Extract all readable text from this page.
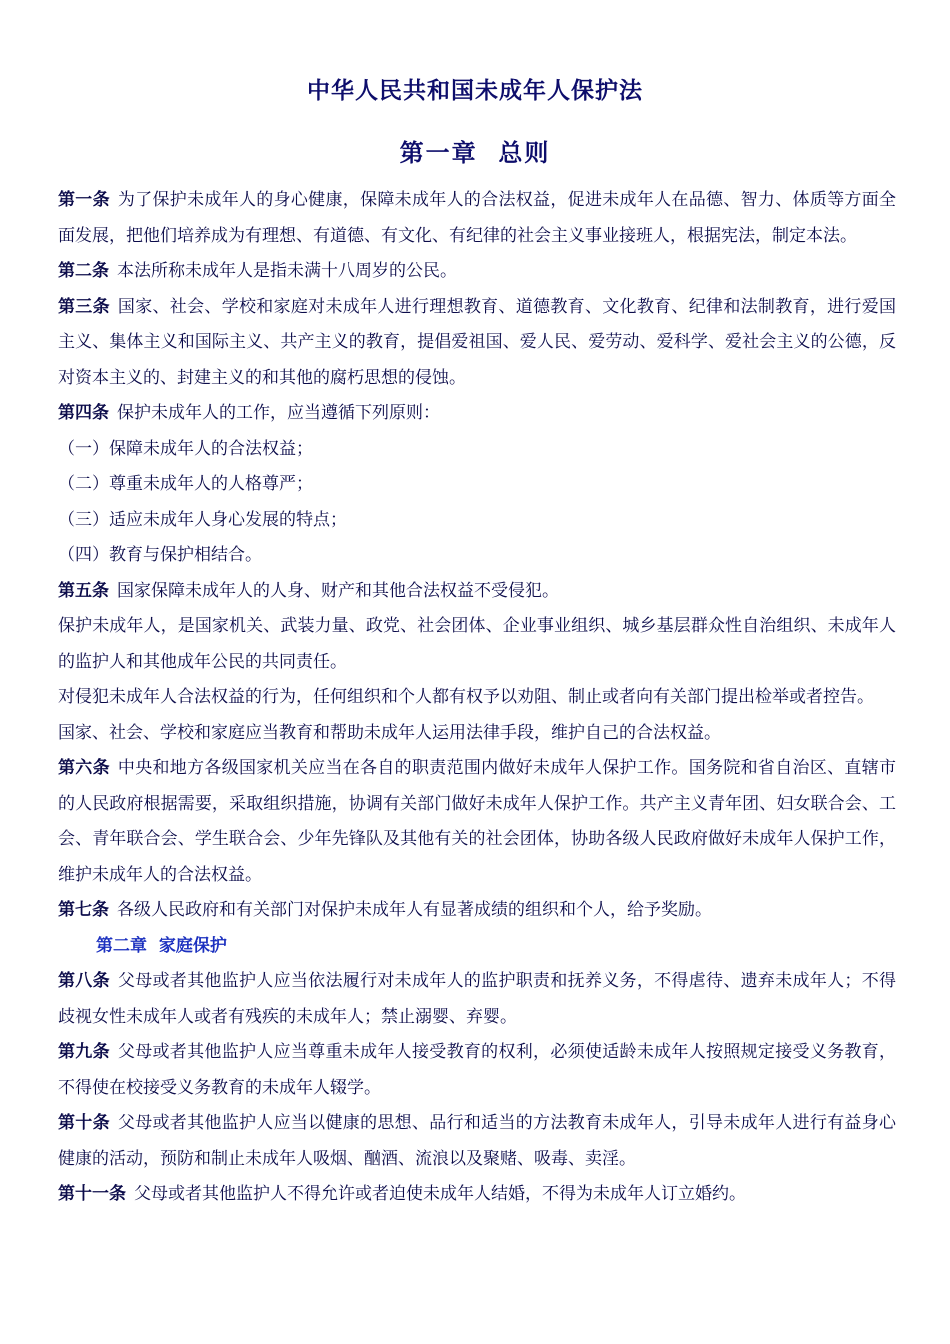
中华人民共和国未成年人保护法
第一章  总则

第一条 为了保护未成年人的身心健康，保障未成年人的合法权益，促进未成年人在品德、智力、体质等方面全面发展，把他们培养成为有理想、有道德、有文化、有纪律的社会主义事业接班人，根据宪法，制定本法。

第二条 本法所称未成年人是指未满十八周岁的公民。

第三条 国家、社会、学校和家庭对未成年人进行理想教育、道德教育、文化教育、纪律和法制教育，进行爱国主义、集体主义和国际主义、共产主义的教育，提倡爱祖国、爱人民、爱劳动、爱科学、爱社会主义的公德，反对资本主义的、封建主义的和其他的腐朽思想的侵蚀。

第四条 保护未成年人的工作，应当遵循下列原则：

（一）保障未成年人的合法权益；

（二）尊重未成年人的人格尊严；

（三）适应未成年人身心发展的特点；

（四）教育与保护相结合。

第五条 国家保障未成年人的人身、财产和其他合法权益不受侵犯。

保护未成年人，是国家机关、武装力量、政党、社会团体、企业事业组织、城乡基层群众性自治组织、未成年人的监护人和其他成年公民的共同责任。

对侵犯未成年人合法权益的行为，任何组织和个人都有权予以劝阻、制止或者向有关部门提出检举或者控告。

国家、社会、学校和家庭应当教育和帮助未成年人运用法律手段，维护自己的合法权益。

第六条 中央和地方各级国家机关应当在各自的职责范围内做好未成年人保护工作。国务院和省自治区、直辖市的人民政府根据需要，采取组织措施，协调有关部门做好未成年人保护工作。共产主义青年团、妇女联合会、工会、青年联合会、学生联合会、少年先锋队及其他有关的社会团体，协助各级人民政府做好未成年人保护工作，维护未成年人的合法权益。

第七条 各级人民政府和有关部门对保护未成年人有显著成绩的组织和个人，给予奖励。

第二章  家庭保护

第八条 父母或者其他监护人应当依法履行对未成年人的监护职责和抚养义务，不得虐待、遗弃未成年人；不得歧视女性未成年人或者有残疾的未成年人；禁止溺婴、弃婴。

第九条 父母或者其他监护人应当尊重未成年人接受教育的权利，必须使适龄未成年人按照规定接受义务教育，不得使在校接受义务教育的未成年人辍学。

第十条 父母或者其他监护人应当以健康的思想、品行和适当的方法教育未成年人，引导未成年人进行有益身心健康的活动，预防和制止未成年人吸烟、酗酒、流浪以及聚赌、吸毒、卖淫。

第十一条 父母或者其他监护人不得允许或者迫使未成年人结婚，不得为未成年人订立婚约。
